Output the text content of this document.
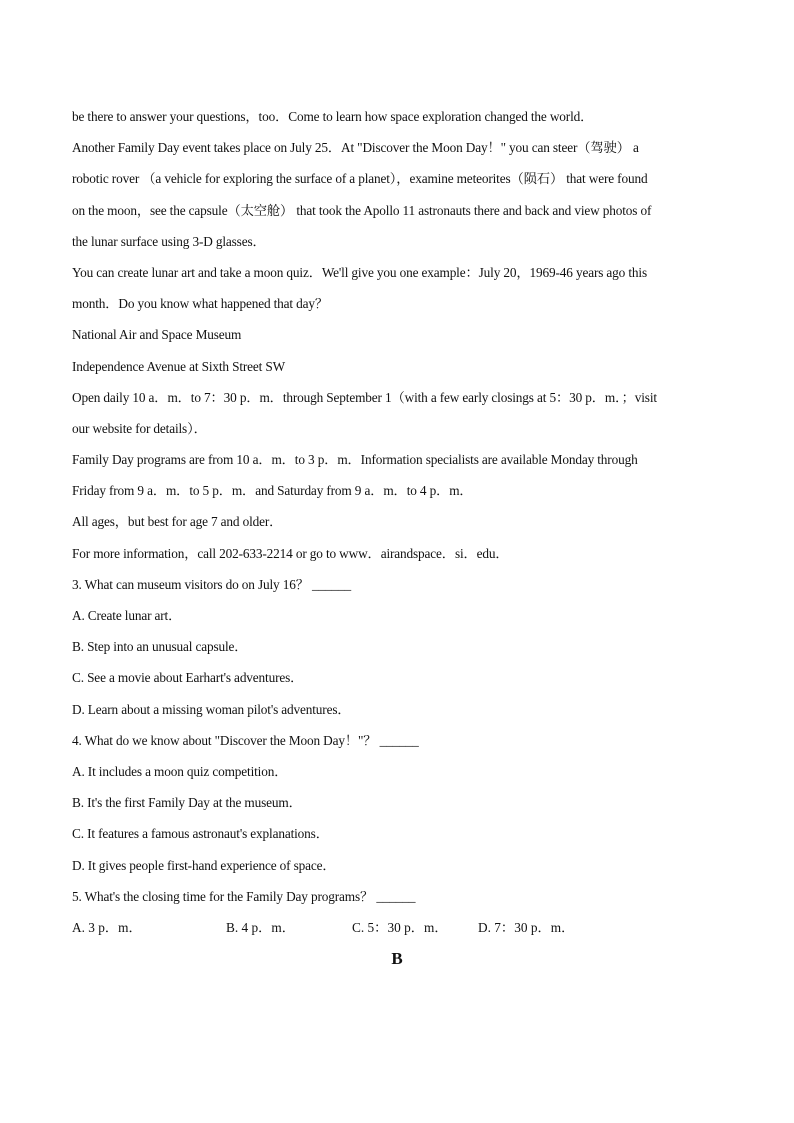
be there to answer your questions，too．Come to learn how space exploration changed the world．
Another Family Day event takes place on July 25．At "Discover the Moon Day！" you can steer（驾驶） a
robotic rover （a vehicle for exploring the surface of a planet），examine meteorites（陨石） that were found
on the moon，see the capsule（太空舱） that took the Apollo 11 astronauts there and back and view photos of
the lunar surface using 3-D glasses．
You can create lunar art and take a moon quiz．We'll give you one example：July 20，1969-46 years ago this
month．Do you know what happened that day？
National Air and Space Museum
Independence Avenue at Sixth Street SW
Open daily 10 a．m．to 7：30 p．m．through September 1（with a few early closings at 5：30 p．m．；visit
our website for details）．
Family Day programs are from 10 a．m．to 3 p．m．Information specialists are available Monday through
Friday from 9 a．m．to 5 p．m．and Saturday from 9 a．m．to 4 p．m．
All ages，but best for age 7 and older．
For more information，call 202-633-2214 or go to www．airandspace．si．edu．
3. What can museum visitors do on July 16？ ______
A. Create lunar art．
B. Step into an unusual capsule．
C. See a movie about Earhart's adventures．
D. Learn about a missing woman pilot's adventures．
4. What do we know about "Discover the Moon Day！"？ ______
A. It includes a moon quiz competition．
B. It's the first Family Day at the museum．
C. It features a famous astronaut's explanations．
D. It gives people first-hand experience of space．
5. What's the closing time for the Family Day programs？ ______
A. 3 p．m．	B. 4 p．m．	C. 5：30 p．m．	D. 7：30 p．m．
B
